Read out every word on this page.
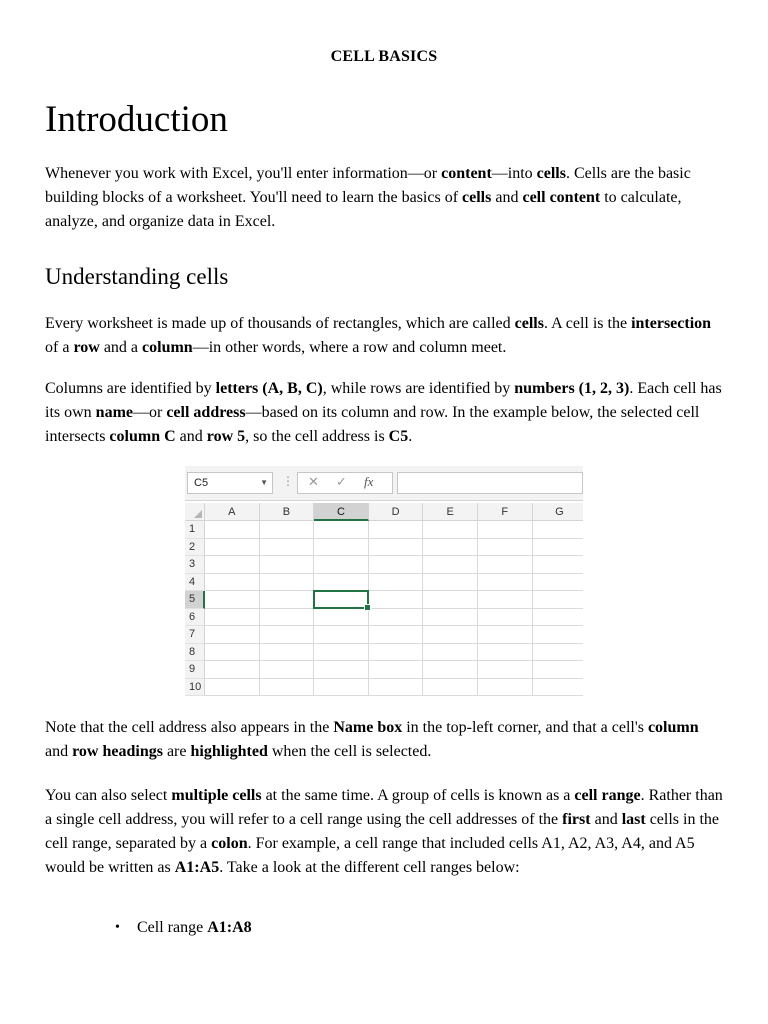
CELL BASICS
Introduction

Whenever you work with Excel, you'll enter information—or content—into cells. Cells are the basic building blocks of a worksheet. You'll need to learn the basics of cells and cell content to calculate, analyze, and organize data in Excel.

Understanding cells

Every worksheet is made up of thousands of rectangles, which are called cells. A cell is the intersection of a row and a column—in other words, where a row and column meet.

Columns are identified by letters (A, B, C), while rows are identified by numbers (1, 2, 3). Each cell has its own name—or cell address—based on its column and row. In the example below, the selected cell intersects column C and row 5, so the cell address is C5.

C5	▼ ⋮ ✕ ✓ fx
A	B	C	D	E	F	G
1
2
3
4
5
6
7
8
9
10

Note that the cell address also appears in the Name box in the top-left corner, and that a cell's column and row headings are highlighted when the cell is selected.

You can also select multiple cells at the same time. A group of cells is known as a cell range. Rather than a single cell address, you will refer to a cell range using the cell addresses of the first and last cells in the cell range, separated by a colon. For example, a cell range that included cells A1, A2, A3, A4, and A5 would be written as A1:A5. Take a look at the different cell ranges below:

• Cell range A1:A8
